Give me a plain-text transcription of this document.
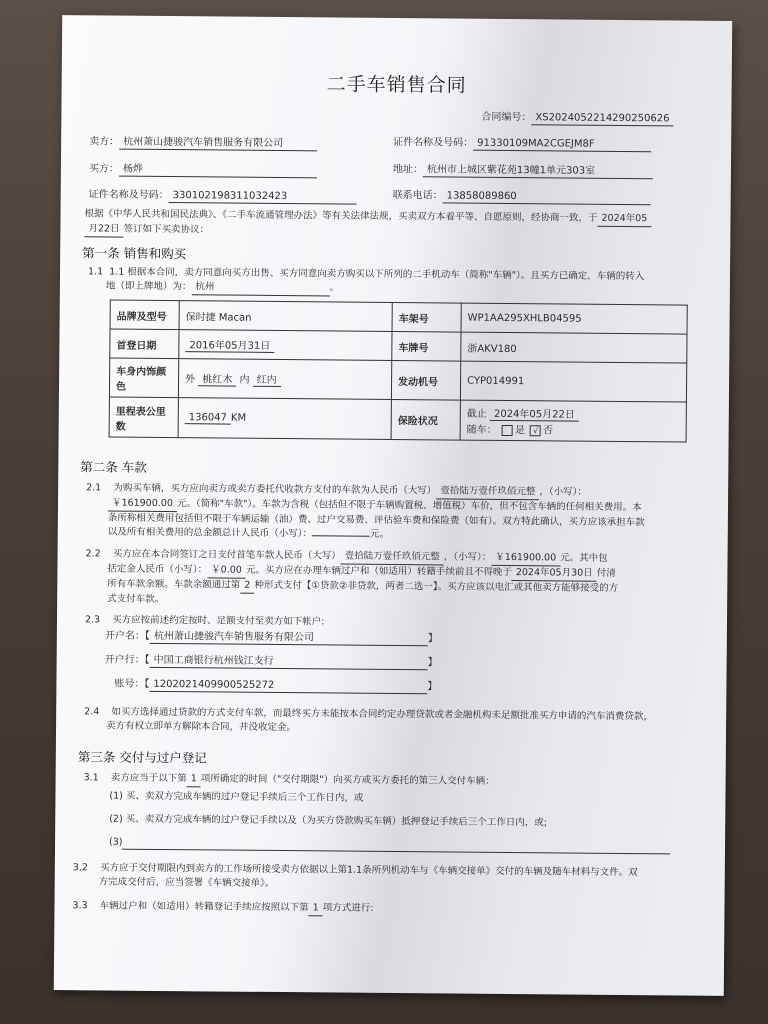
二手车销售合同
合同编号： XS2024052214290250626
卖方： 杭州萧山捷骏汽车销售服务有限公司	证件名称及号码： 91330109MA2CGEJM8F
买方： 杨烨	地址： 杭州市上城区紫花苑13幢1单元303室
证件名称及号码： 330102198311032423	联系电话： 13858089860
根据《中华人民共和国民法典》、《二手车流通管理办法》等有关法律法规，买卖双方本着平等、自愿原则，经协商一致，于 2024年05
月22日 签订如下买卖协议：
第一条 销售和购买
1.1 1.1 根据本合同，卖方同意向买方出售、买方同意向卖方购买以下所列的二手机动车（简称"车辆"）。且买方已确定，车辆的转入
地（即上牌地）为： 杭州	。
品牌及型号	保时捷 Macan	车架号	WP1AA295XHLB04595
首登日期	2016年05月31日	车牌号	浙AKV180
车身内饰颜色	外 桃红木 内 红内	发动机号	CYP014991
里程表公里数	136047 KM	保险状况	截止 2024年05月22日
随车： 是 √ 否
第二条 车款
2.1 为购买车辆，买方应向卖方或卖方委托代收款方支付的车款为人民币（大写） 壹拾陆万壹仟玖佰元整 ，（小写）：
￥161900.00 元。（简称"车款"）。车款为含税（包括但不限于车辆购置税、增值税）车价，但不包含车辆的任何相关费用。本
条所称相关费用包括但不限于车辆运输（油）费、过户交易费、评估验车费和保险费（如有）。双方特此确认，买方应该承担车款
以及所有相关费用的总金额总计人民币（小写）：	元。
2.2 买方应在本合同签订之日支付首笔车款人民币（大写） 壹拾陆万壹仟玖佰元整 ，（小写）： ￥161900.00 元。其中包
括定金人民币（小写）： ￥0.00 元。买方应在办理车辆过户和（如适用）转籍手续前且不得晚于 2024年05月30日 付清
所有车款余额。车款余额通过第 2 种形式支付【①贷款②非贷款，两者二选一】。买方应该以电汇或其他卖方能够接受的方
式支付车款。
2.3 买方应按前述约定按时、足额支付至卖方如下帐户:
开户名：【 杭州萧山捷骏汽车销售服务有限公司	】
开户行：【 中国工商银行杭州钱江支行	】
账号：【 1202021409900525272	】
2.4 如买方选择通过贷款的方式支付车款，而最终买方未能按本合同约定办理贷款或者金融机构未足额批准买方申请的汽车消费贷款，
卖方有权立即单方解除本合同，并没收定金。
第三条 交付与过户登记
3.1 卖方应当于以下第 1 项所确定的时间（"交付期限"）向买方或买方委托的第三人交付车辆：
(1) 买、卖双方完成车辆的过户登记手续后三个工作日内，或
(2) 买、卖双方完成车辆的过户登记手续以及（为买方贷款购买车辆）抵押登记手续后三个工作日内，或;
(3)
3.2 买方应于交付期限内到卖方的工作场所接受卖方依据以上第1.1条所列机动车与《车辆交接单》交付的车辆及随车材料与文件。双
方完成交付后，应当签署《车辆交接单》。
3.3 车辆过户和（如适用）转籍登记手续应按照以下第 1 项方式进行:
